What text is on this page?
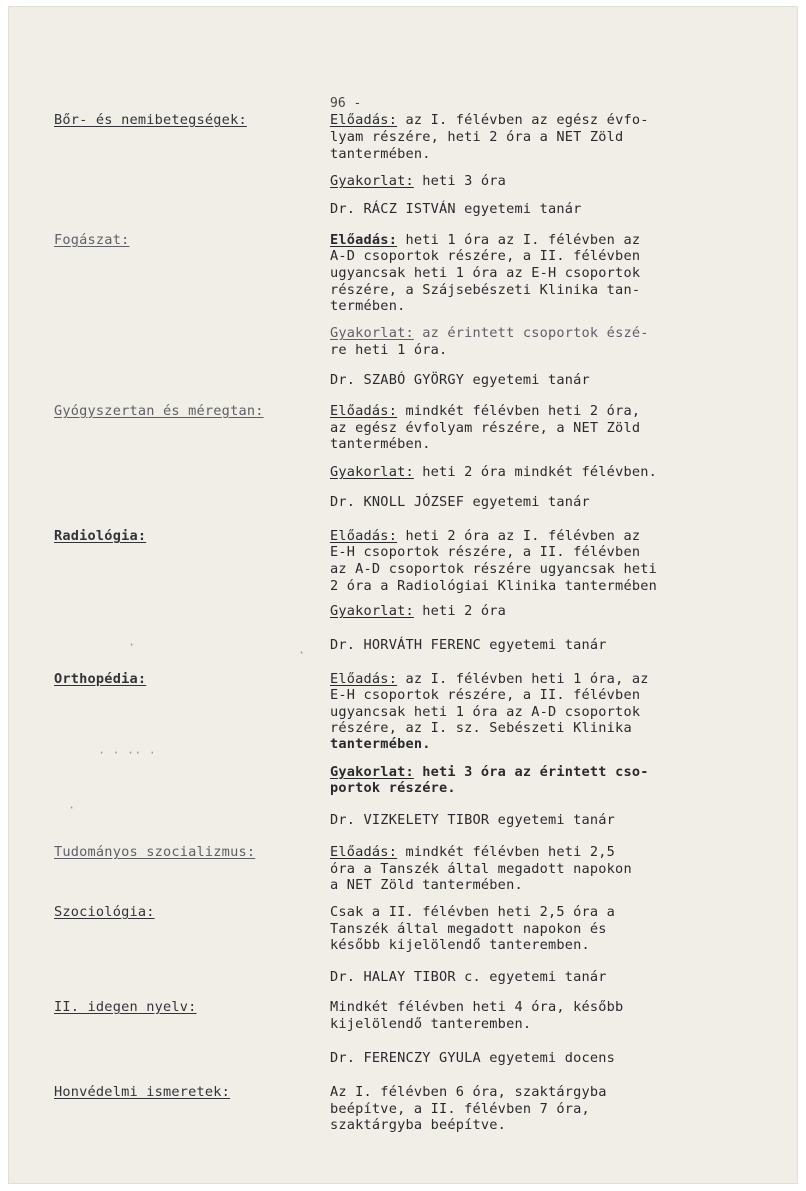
96 -
Bőr- és nemibetegségek:	Előadás: az I. félévben az egész évfo-
lyam részére, heti 2 óra a NET Zöld
tantermében.
Gyakorlat: heti 3 óra
Dr. RÁCZ ISTVÁN egyetemi tanár
Fogászat:	Előadás: heti 1 óra az I. félévben az
A-D csoportok részére, a II. félévben
ugyancsak heti 1 óra az E-H csoportok
részére, a Szájsebészeti Klinika tan-
termében.
Gyakorlat: az érintett csoportok észé-
re heti 1 óra.
Dr. SZABÓ GYÖRGY egyetemi tanár
Gyógyszertan és méregtan:	Előadás: mindkét félévben heti 2 óra,
az egész évfolyam részére, a NET Zöld
tantermében.
Gyakorlat: heti 2 óra mindkét félévben.
Dr. KNOLL JÓZSEF egyetemi tanár
Radiológia:	Előadás: heti 2 óra az I. félévben az
E-H csoportok részére, a II. félévben
az A-D csoportok részére ugyancsak heti
2 óra a Radiológiai Klinika tantermében
Gyakorlat: heti 2 óra
Dr. HORVÁTH FERENC egyetemi tanár
Orthopédia:	Előadás: az I. félévben heti 1 óra, az
E-H csoportok részére, a II. félévben
ugyancsak heti 1 óra az A-D csoportok
részére, az I. sz. Sebészeti Klinika
tantermében.
Gyakorlat: heti 3 óra az érintett cso-
portok részére.
Dr. VIZKELETY TIBOR egyetemi tanár
Tudományos szocializmus:	Előadás: mindkét félévben heti 2,5
óra a Tanszék által megadott napokon
a NET Zöld tantermében.
Szociológia:	Csak a II. félévben heti 2,5 óra a
Tanszék által megadott napokon és
később kijelölendő tanteremben.
Dr. HALAY TIBOR c. egyetemi tanár
II. idegen nyelv:	Mindkét félévben heti 4 óra, később
kijelölendő tanteremben.
Dr. FERENCZY GYULA egyetemi docens
Honvédelmi ismeretek:	Az I. félévben 6 óra, szaktárgyba
beépítve, a II. félévben 7 óra,
szaktárgyba beépítve.
· · ·· ·
·
·
·
